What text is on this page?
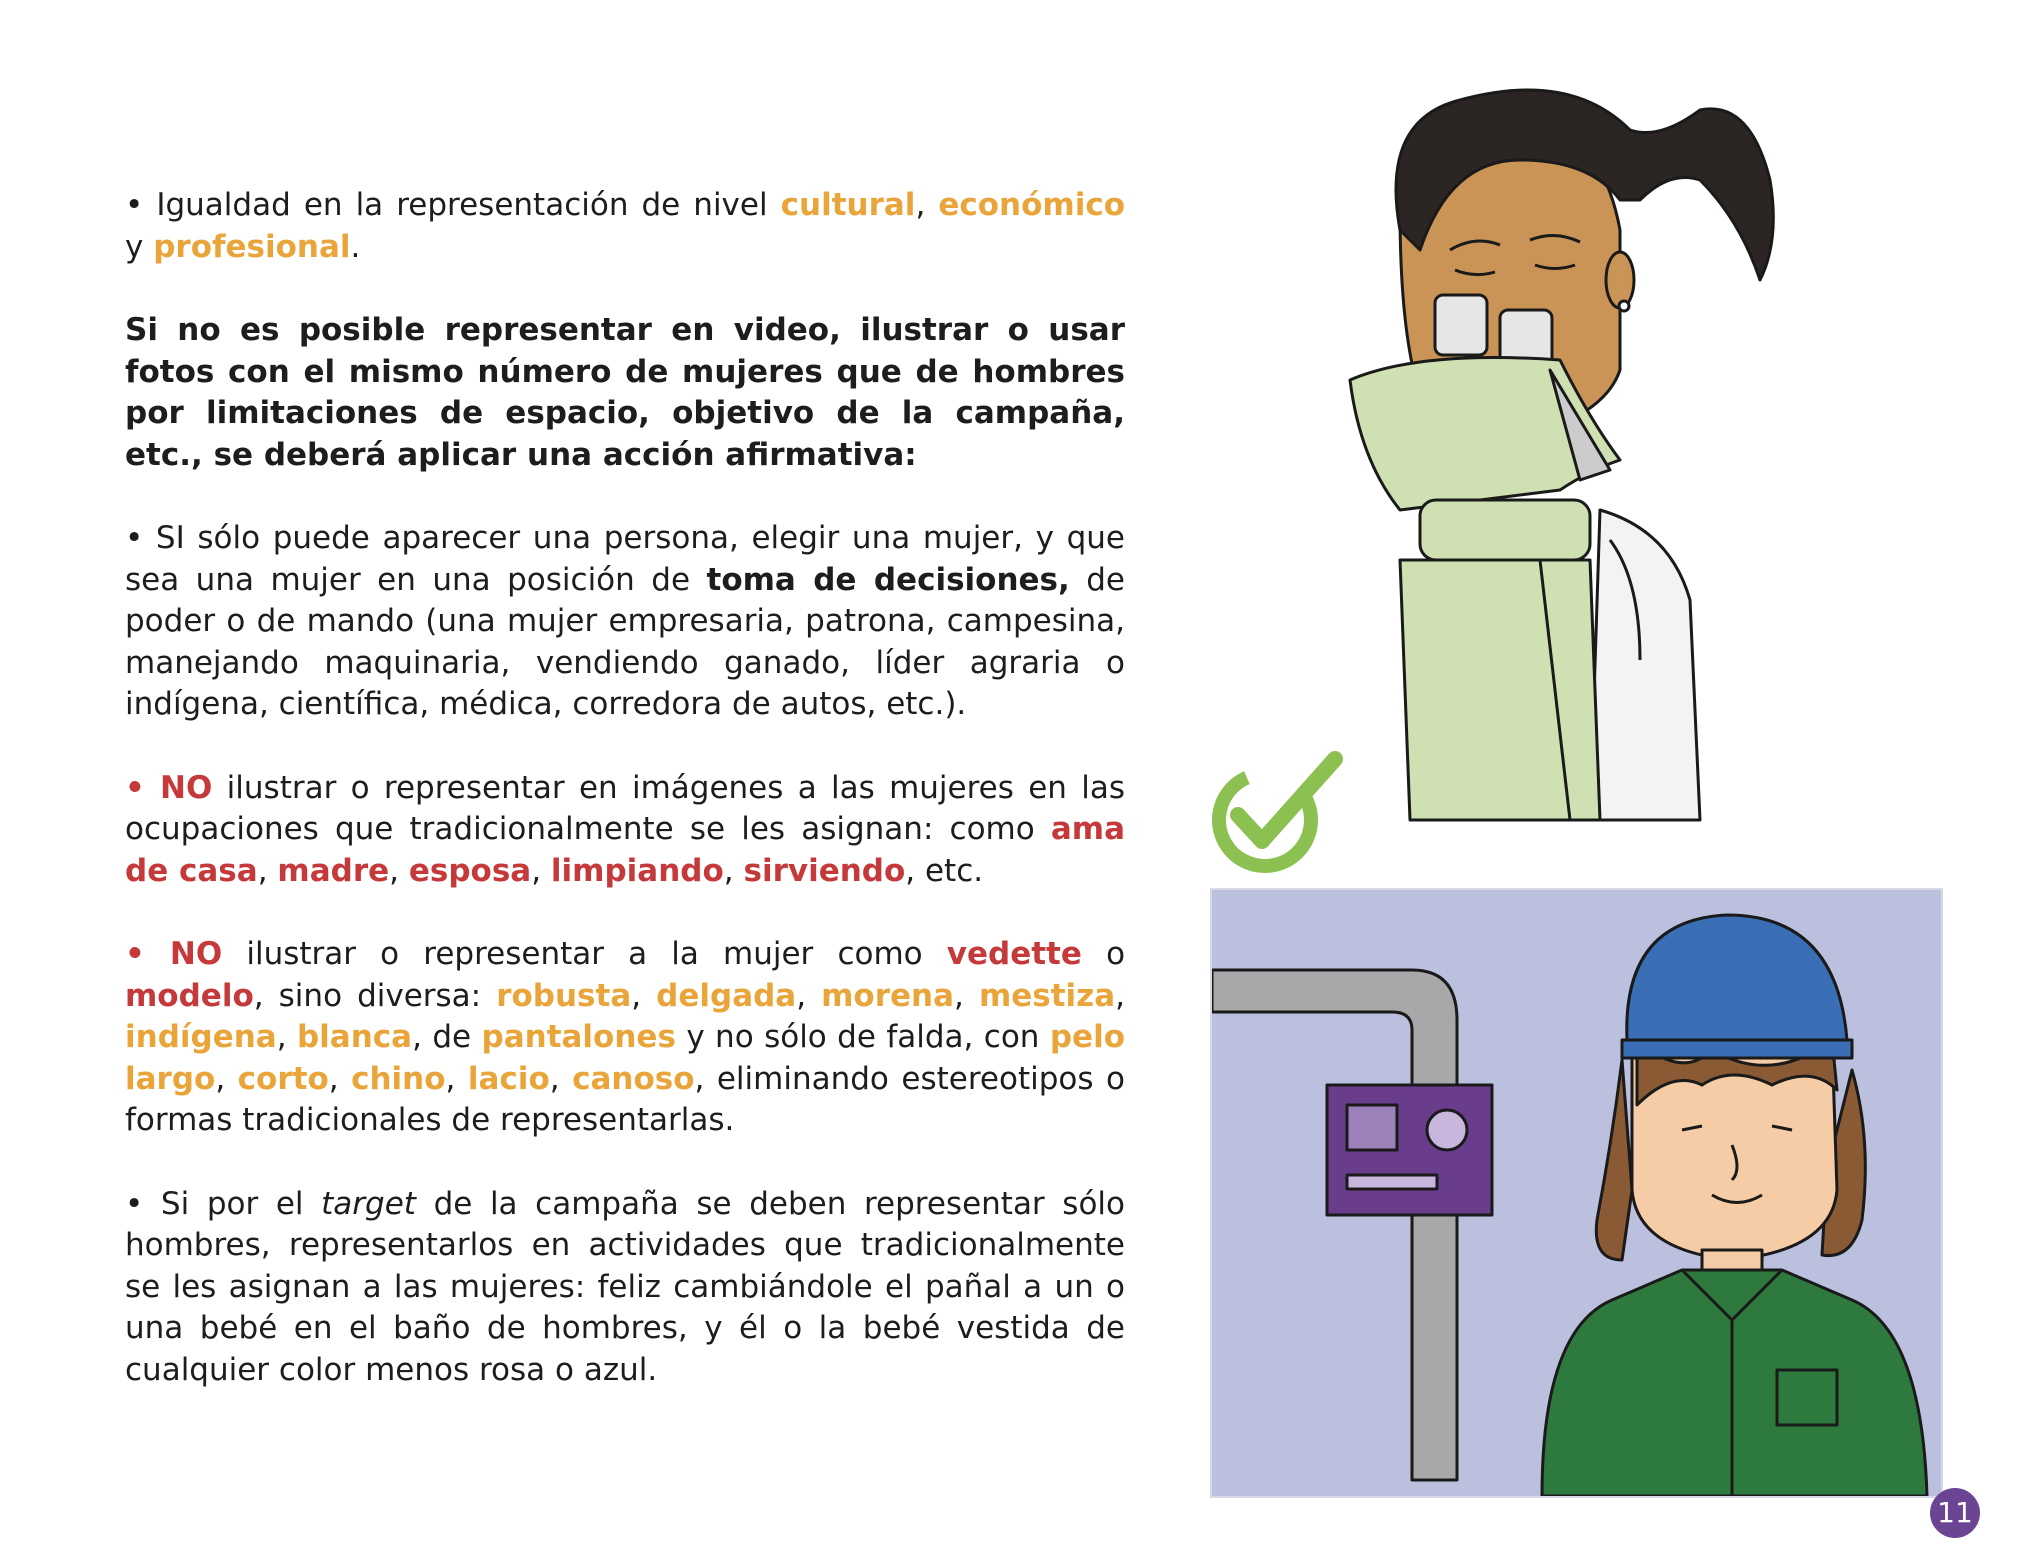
• Igualdad en la representación de nivel cultural, económico y profesional.

Si no es posible representar en video, ilustrar o usar fotos con el mismo número de mujeres que de hombres por limitaciones de espacio, objetivo de la campaña, etc., se deberá aplicar una acción afirmativa:

• SI sólo puede aparecer una persona, elegir una mujer, y que sea una mujer en una posición de toma de decisiones, de poder o de mando (una mujer empresaria, patrona, campesina, manejando maquinaria, vendiendo ganado, líder agraria o indígena, científica, médica, corredora de autos, etc.).

• NO ilustrar o representar en imágenes a las mujeres en las ocupaciones que tradicionalmente se les asignan: como ama de casa, madre, esposa, limpiando, sirviendo, etc.

• NO ilustrar o representar a la mujer como vedette o modelo, sino diversa: robusta, delgada, morena, mestiza, indígena, blanca, de pantalones y no sólo de falda, con pelo largo, corto, chino, lacio, canoso, eliminando estereotipos o formas tradicionales de representarlas.

• Si por el target de la campaña se deben representar sólo hombres, representarlos en actividades que tradicionalmente se les asignan a las mujeres: feliz cambiándole el pañal a un o una bebé en el baño de hombres, y él o la bebé vestida de cualquier color menos rosa o azul.

11
